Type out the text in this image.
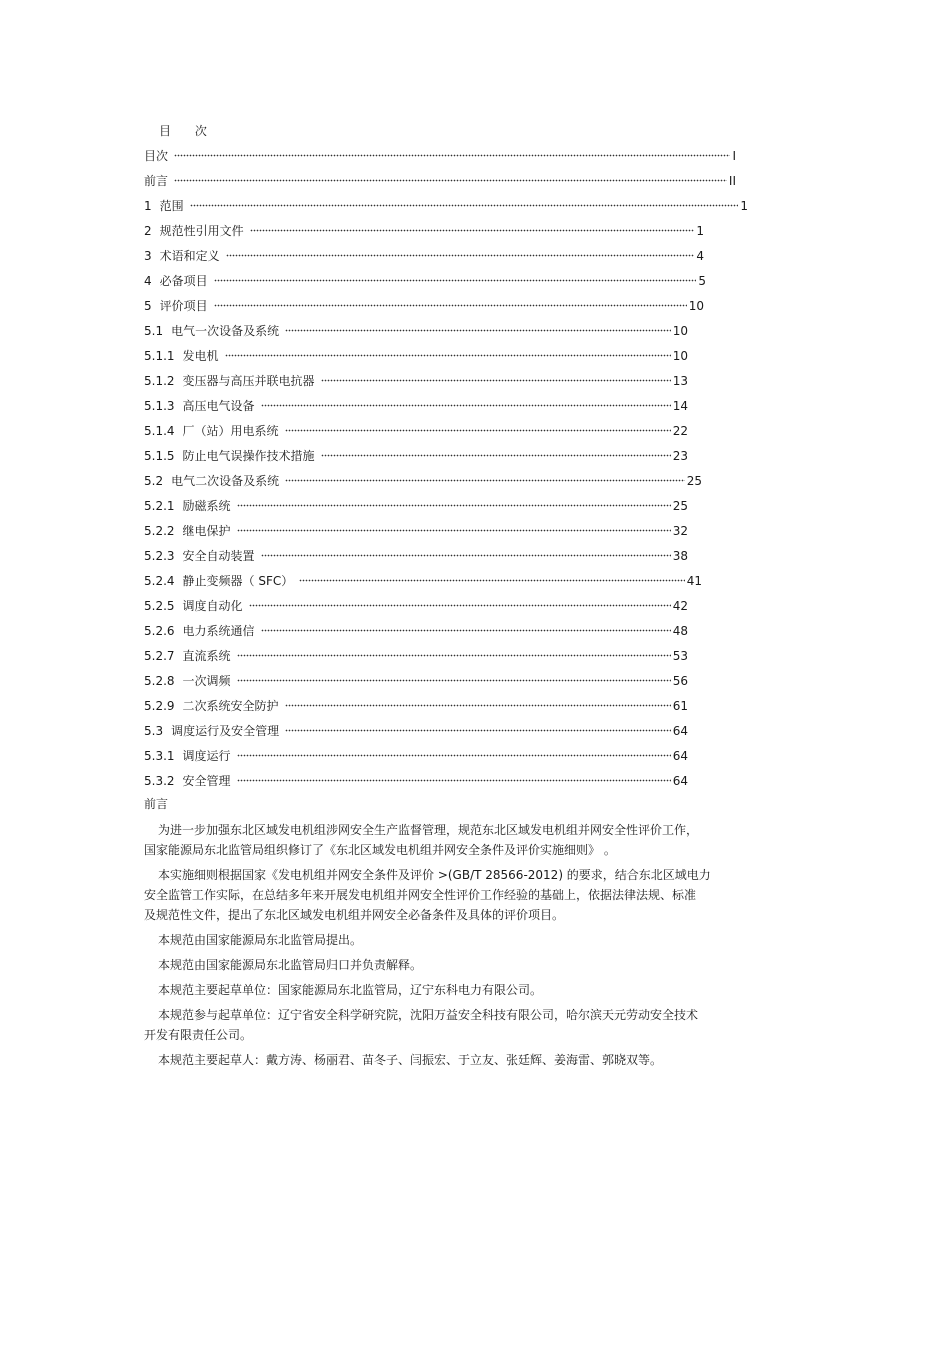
目 次
目次	I
前言	II
1 范围	1
2 规范性引用文件	1
3 术语和定义	4
4 必备项目	5
5 评价项目	10
5.1 电气一次设备及系统	10
5.1.1 发电机	10
5.1.2 变压器与高压并联电抗器	13
5.1.3 高压电气设备	14
5.1.4 厂（站）用电系统	22
5.1.5 防止电气误操作技术措施	23
5.2 电气二次设备及系统	25
5.2.1 励磁系统	25
5.2.2 继电保护	32
5.2.3 安全自动装置	38
5.2.4 静止变频器（ SFC）	41
5.2.5 调度自动化	42
5.2.6 电力系统通信	48
5.2.7 直流系统	53
5.2.8 一次调频	56
5.2.9 二次系统安全防护	61
5.3 调度运行及安全管理	64
5.3.1 调度运行	64
5.3.2 安全管理	64
前言
为进一步加强东北区域发电机组涉网安全生产监督管理，规范东北区域发电机组并网安全性评价工作，
国家能源局东北监管局组织修订了《东北区域发电机组并网安全条件及评价实施细则》 。
本实施细则根据国家《发电机组并网安全条件及评价 >(GB/T 28566-2012) 的要求，结合东北区域电力
安全监管工作实际，在总结多年来开展发电机组并网安全性评价工作经验的基础上，依据法律法规、标准
及规范性文件，提出了东北区域发电机组并网安全必备条件及具体的评价项目。
本规范由国家能源局东北监管局提出。
本规范由国家能源局东北监管局归口并负责解释。
本规范主要起草单位：国家能源局东北监管局，辽宁东科电力有限公司。
本规范参与起草单位：辽宁省安全科学研究院，沈阳万益安全科技有限公司，哈尔滨天元劳动安全技术
开发有限责任公司。
本规范主要起草人：戴方涛、杨丽君、苗冬子、闫振宏、于立友、张廷辉、姜海雷、郭晓双等。
